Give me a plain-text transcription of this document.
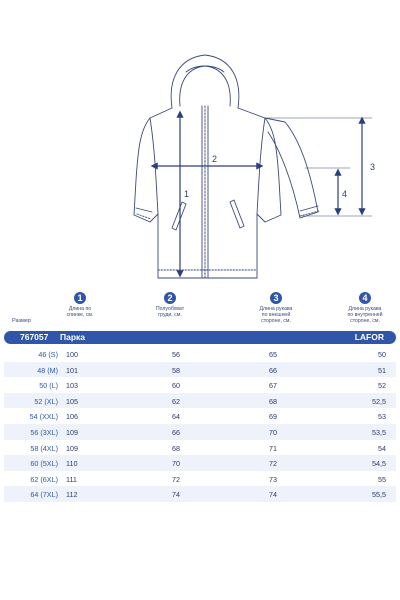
1
2
3
4
1
Длина по
спинке, см.
2
Полуобхват
груди, см.
3
Длина рукава
по внешней
стороне, см.
4
Длина рукава
по внутренней
стороне, см.
Размер
767057 Парка	LAFOR
46 (S) 100	56	65	50
48 (M) 101	58	66	51
50 (L) 103	60	67	52
52 (XL) 105	62	68	52,5
54 (XXL) 106	64	69	53
56 (3XL) 109	66	70	53,5
58 (4XL) 109	68	71	54
60 (5XL) 110	70	72	54,5
62 (6XL) 111	72	73	55
64 (7XL) 112	74	74	55,5
